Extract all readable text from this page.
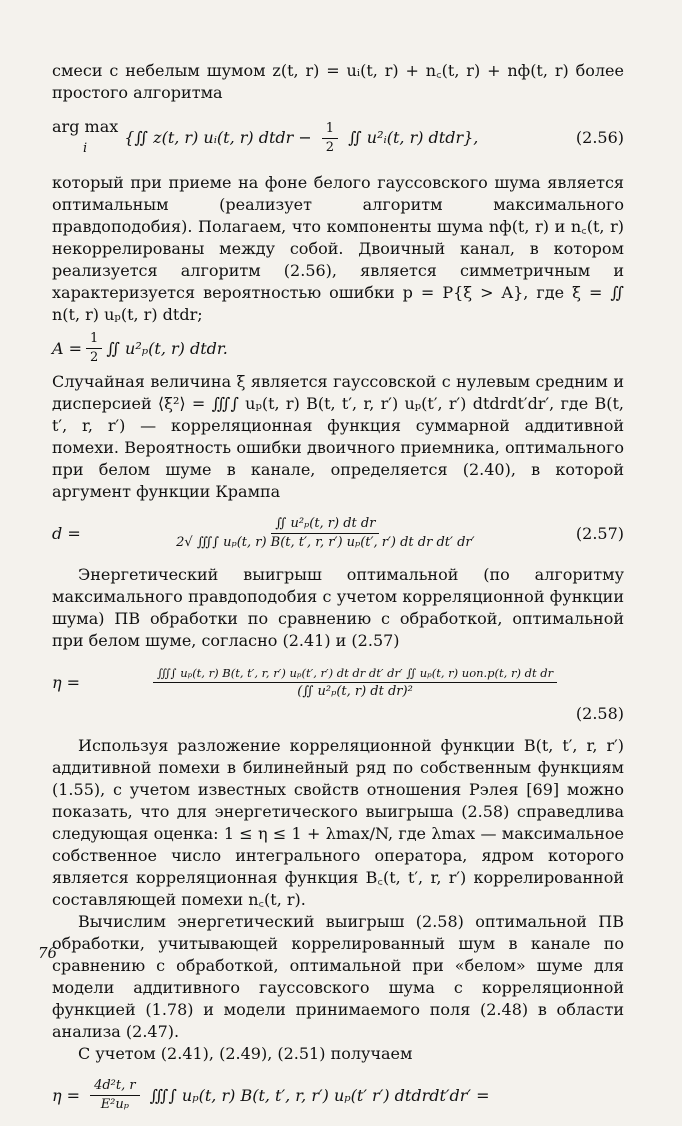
смеси с небелым шумом z(t, r) = uᵢ(t, r) + n꜀(t, r) + nф(t, r) более простого алгоритма

arg max
i
{∬ z(t, r) uᵢ(t, r) dtdr − $\frac{1}{2}$ ∬ u²ᵢ(t, r) dtdr},	(2.56)

который при приеме на фоне белого гауссовского шума является оптимальным (реализует алгоритм максимального правдоподобия). Полагаем, что компоненты шума nф(t, r) и n꜀(t, r) некоррелированы между собой. Двоичный канал, в котором реализуется алгоритм (2.56), является симметричным и характеризуется вероятностью ошибки p = P{ξ > A}, где ξ = ∬ n(t, r) uₚ(t, r) dtdr;

$A = \frac{1}{2}$ ∬ u²ₚ(t, r) dtdr.

Случайная величина ξ является гауссовской с нулевым средним и дисперсией ⟨ξ²⟩ = ∭∫ uₚ(t, r) B(t, t′, r, r′) uₚ(t′, r′) dtdrdt′dr′, где B(t, t′, r, r′) — корреляционная функция суммарной аддитивной помехи. Вероятность ошибки двоичного приемника, оптимального при белом шуме в канале, определяется (2.40), в которой аргумент функции Крампа

$d = \frac{\text{∬ u²ₚ(t, r) dt dr}}{\text{2√ ∭∫ uₚ(t, r) B(t, t′, r, r′) uₚ(t′, r′) dt dr dt′ dr′}} (2.57)$

Энергетический выигрыш оптимальной (по алгоритму максимального правдоподобия с учетом корреляционной функции шума) ПВ обработки по сравнению с обработкой, оптимальной при белом шуме, согласно (2.41) и (2.57)

η =	∭∫ uₚ(t, r) B(t, t′, r, r′) uₚ(t′, r′) dt dr dt′ dr′ ∬ uₚ(t, r) uоп.р(t, r) dt dr
(∬ u²ₚ(t, r) dt dr)²
(2.58)

Используя разложение корреляционной функции B(t, t′, r, r′) аддитивной помехи в билинейный ряд по собственным функциям (1.55), с учетом известных свойств отношения Рэлея [69] можно показать, что для энергетического выигрыша (2.58) справедлива следующая оценка: 1 ≤ η ≤ 1 + λmax/N, где λmax — максимальное собственное число интегрального оператора, ядром которого является корреляционная функция B꜀(t, t′, r, r′) коррелированной составляющей помехи n꜀(t, r).

Вычислим энергетический выигрыш (2.58) оптимальной ПВ обработки, учитывающей коррелированный шум в канале по сравнению с обработкой, оптимальной при «белом» шуме для модели аддитивного гауссовского шума с корреляционной функцией (1.78) и модели принимаемого поля (2.48) в области анализа (2.47).

С учетом (2.41), (2.49), (2.51) получаем

$\eta = \frac{\text{4d²t, r}}{\text{E²uₚ}}$ ∭∫ uₚ(t, r) B(t, t′, r, r′) uₚ(t′ r′) dtdrdt′dr′ =
76
